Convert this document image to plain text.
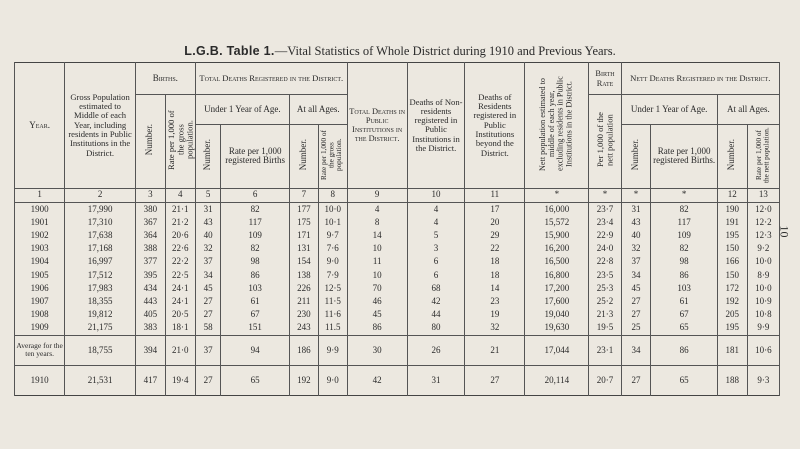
L.G.B. Table 1.—Vital Statistics of Whole District during 1910 and Previous Years.
10
Year.	Gross Population estimated to Middle of each Year, including residents in Public Institutions in the District.	Births.		Total Deaths Registered in the District.				Total Deaths in Public Institutions in the District.	Deaths of Non-residents registered in Public Institutions in the District.	Deaths of Residents registered in Public Institutions beyond the District.	Nett population estimated to middle of each year, excluding residents in Public Institutions in the District.	Birth Rate	Nett Deaths Registered in the District.			
		Number.	Rate per 1,000 of the gross population.	Under 1 Year of Age.		At all Ages.						Per 1,000 of the nett population	Under 1 Year of Age.		At all Ages.	
				Number.	Rate per 1,000 registered Births	Number.	Rate per 1,000 of the gross population.						Number.	Rate per 1,000 registered Births.	Number.	Rate per 1,000 of the nett population.
1	2	3	4	5	6	7	8	9	10	11	*	*	*	*	12	13
1900	17,990	380	21·1	31	82	177	10·0	4	4	17	16,000	23·7	31	82	190	12·0
1901	17,310	367	21·2	43	117	175	10·1	8	4	20	15,572	23·4	43	117	191	12·2
1902	17,638	364	20·6	40	109	171	9·7	14	5	29	15,900	22·9	40	109	195	12·3
1903	17,168	388	22·6	32	82	131	7·6	10	3	22	16,200	24·0	32	82	150	9·2
1904	16,997	377	22·2	37	98	154	9·0	11	6	18	16,500	22·8	37	98	166	10·0
1905	17,512	395	22·5	34	86	138	7·9	10	6	18	16,800	23·5	34	86	150	8·9
1906	17,983	434	24·1	45	103	226	12·5	70	68	14	17,200	25·3	45	103	172	10·0
1907	18,355	443	24·1	27	61	211	11·5	46	42	23	17,600	25·2	27	61	192	10·9
1908	19,812	405	20·5	27	67	230	11·6	45	44	19	19,040	21·3	27	67	205	10·8
1909	21,175	383	18·1	58	151	243	11.5	86	80	32	19,630	19·5	25	65	195	9·9
Average for the ten years.	18,755	394	21·0	37	94	186	9·9	30	26	21	17,044	23·1	34	86	181	10·6
1910	21,531	417	19·4	27	65	192	9·0	42	31	27	20,114	20·7	27	65	188	9·3
